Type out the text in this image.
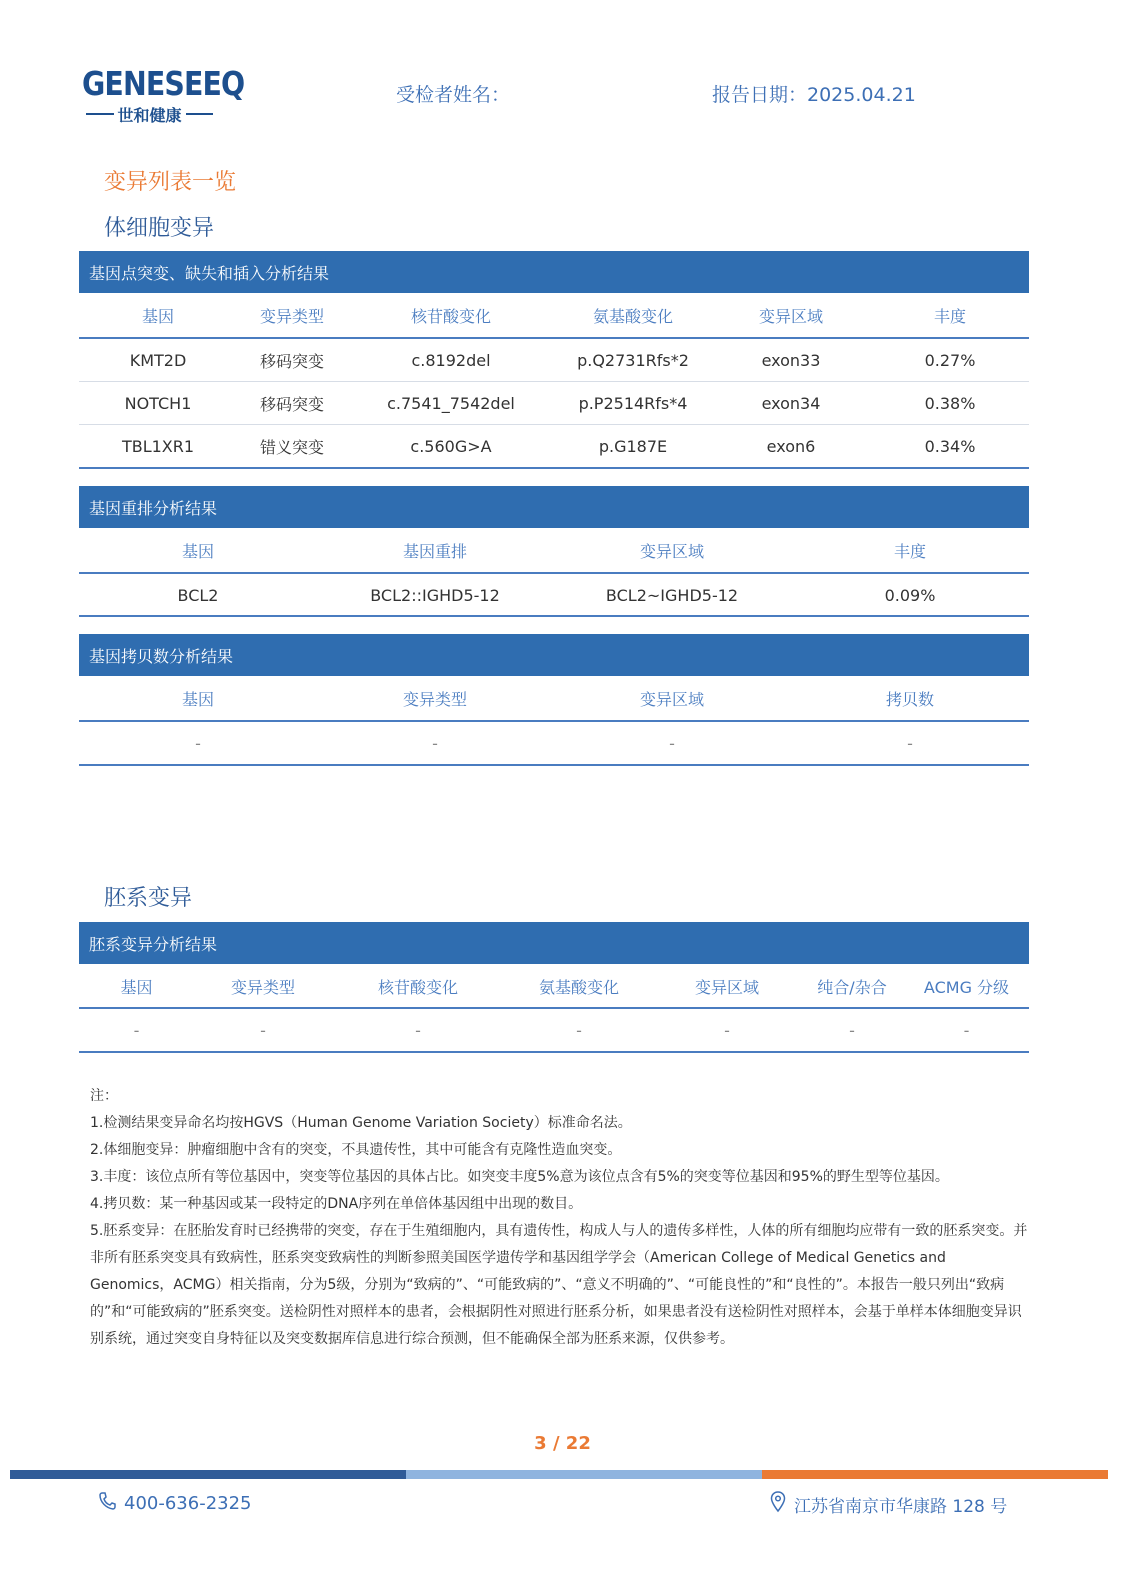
GENESEEQ
世和健康
受检者姓名：	报告日期：2025.04.21
变异列表一览
体细胞变异
基因点突变、缺失和插入分析结果
基因	变异类型	核苷酸变化	氨基酸变化	变异区域	丰度
KMT2D	移码突变	c.8192del	p.Q2731Rfs*2	exon33	0.27%
NOTCH1	移码突变	c.7541_7542del	p.P2514Rfs*4	exon34	0.38%
TBL1XR1	错义突变	c.560G>A	p.G187E	exon6	0.34%
基因重排分析结果
基因	基因重排	变异区域	丰度
BCL2	BCL2::IGHD5-12	BCL2~IGHD5-12	0.09%
基因拷贝数分析结果
基因	变异类型	变异区域	拷贝数
-	-	-	-
胚系变异
胚系变异分析结果
基因	变异类型	核苷酸变化	氨基酸变化	变异区域	纯合/杂合	ACMG 分级
-	-	-	-	-	-	-

注：

1.检测结果变异命名均按HGVS（Human Genome Variation Society）标准命名法。

2.体细胞变异：肿瘤细胞中含有的突变，不具遗传性，其中可能含有克隆性造血突变。

3.丰度：该位点所有等位基因中，突变等位基因的具体占比。如突变丰度5%意为该位点含有5%的突变等位基因和95%的野生型等位基因。

4.拷贝数：某一种基因或某一段特定的DNA序列在单倍体基因组中出现的数目。

5.胚系变异：在胚胎发育时已经携带的突变，存在于生殖细胞内，具有遗传性，构成人与人的遗传多样性，人体的所有细胞均应带有一致的胚系突变。并非所有胚系突变具有致病性，胚系突变致病性的判断参照美国医学遗传学和基因组学学会（American College of Medical Genetics and Genomics，ACMG）相关指南，分为5级，分别为“致病的”、“可能致病的”、“意义不明确的”、“可能良性的”和“良性的”。本报告一般只列出“致病的”和“可能致病的”胚系突变。送检阴性对照样本的患者，会根据阴性对照进行胚系分析，如果患者没有送检阴性对照样本，会基于单样本体细胞变异识别系统，通过突变自身特征以及突变数据库信息进行综合预测，但不能确保全部为胚系来源，仅供参考。

3 / 22
400-636-2325	江苏省南京市华康路 128 号
